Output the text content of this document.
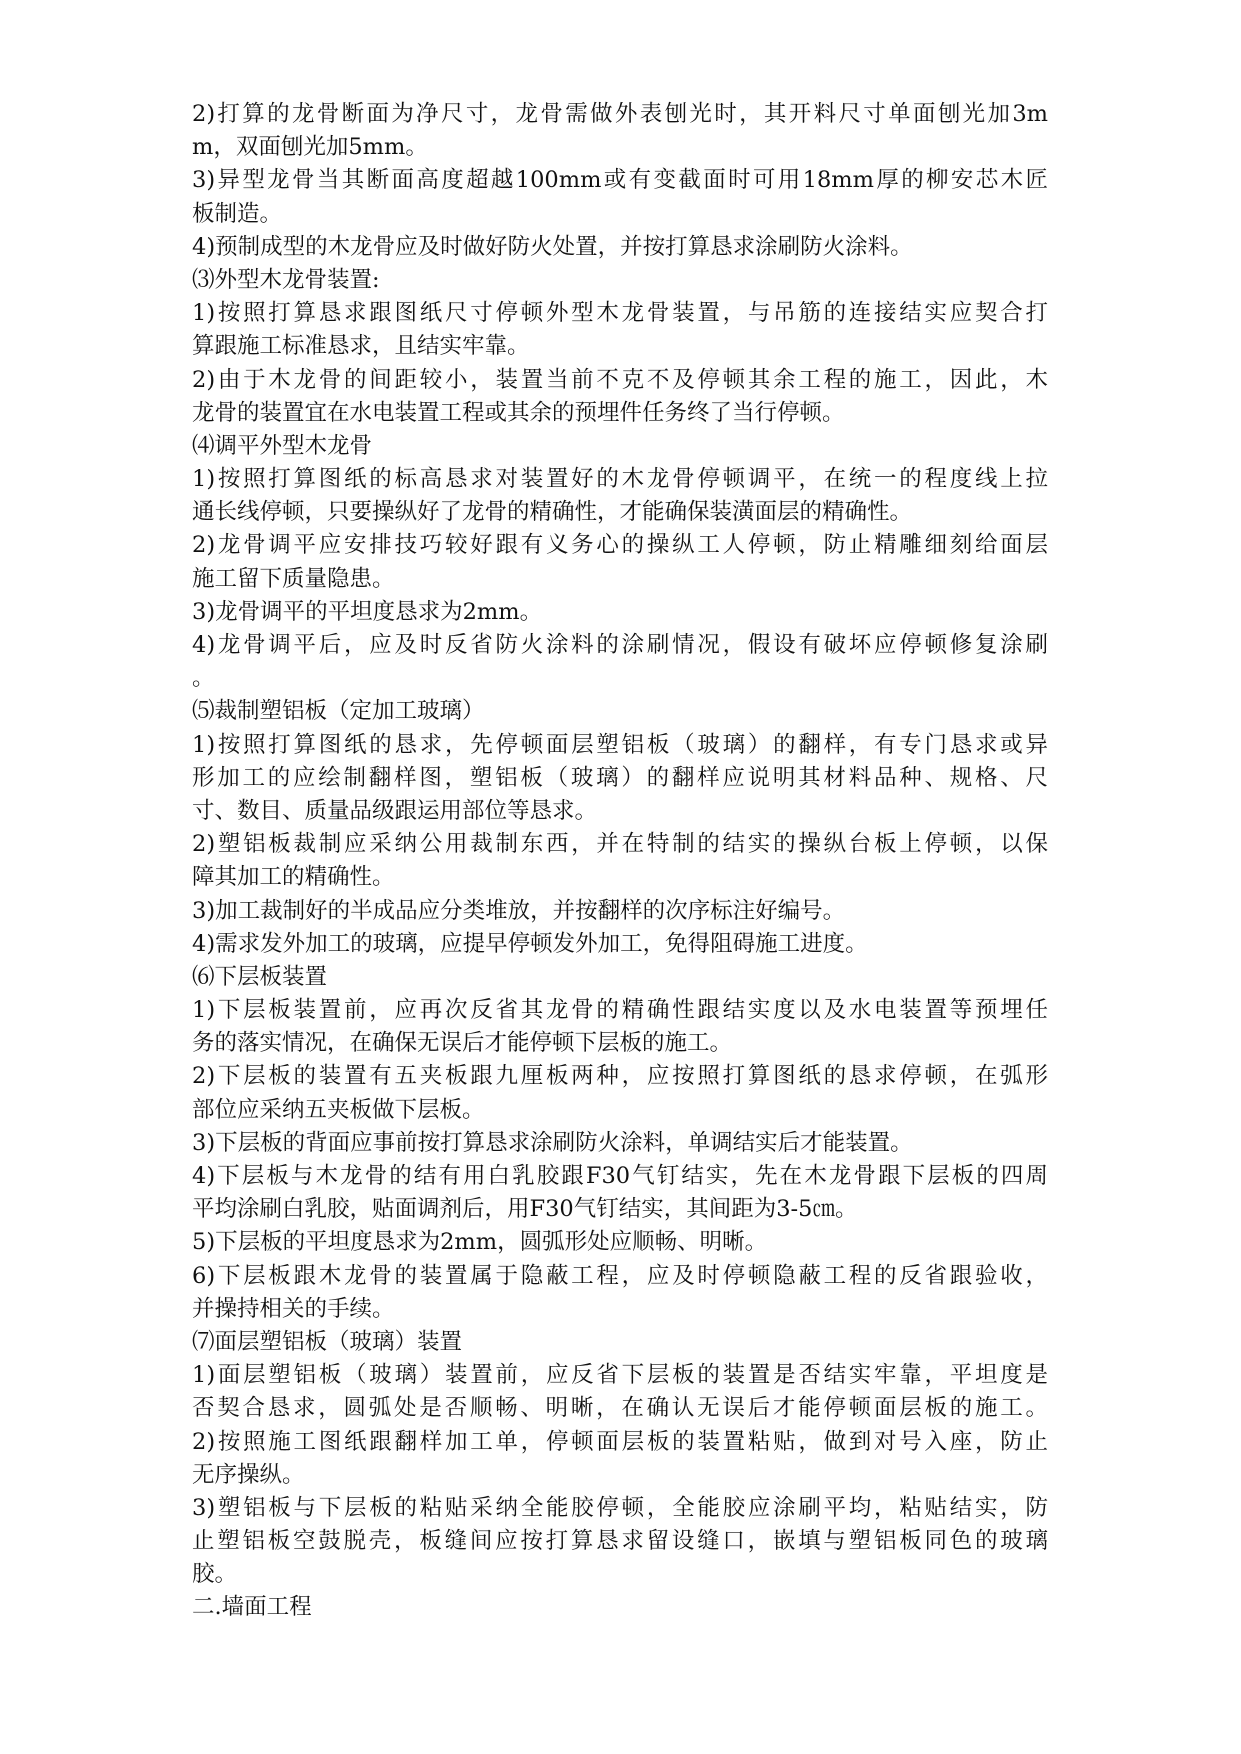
2)打算的龙骨断面为净尺寸，龙骨需做外表刨光时，其开料尺寸单面刨光加3m
m，双面刨光加5mm。
3)异型龙骨当其断面高度超越100mm或有变截面时可用18mm厚的柳安芯木匠
板制造。
4)预制成型的木龙骨应及时做好防火处置，并按打算恳求涂刷防火涂料。
⑶外型木龙骨装置:
1)按照打算恳求跟图纸尺寸停顿外型木龙骨装置，与吊筋的连接结实应契合打
算跟施工标准恳求，且结实牢靠。
2)由于木龙骨的间距较小，装置当前不克不及停顿其余工程的施工，因此，木
龙骨的装置宜在水电装置工程或其余的预埋件任务终了当行停顿。
⑷调平外型木龙骨
1)按照打算图纸的标高恳求对装置好的木龙骨停顿调平，在统一的程度线上拉
通长线停顿，只要操纵好了龙骨的精确性，才能确保装潢面层的精确性。
2)龙骨调平应安排技巧较好跟有义务心的操纵工人停顿，防止精雕细刻给面层
施工留下质量隐患。
3)龙骨调平的平坦度恳求为2mm。
4)龙骨调平后，应及时反省防火涂料的涂刷情况，假设有破坏应停顿修复涂刷
。
⑸裁制塑铝板（定加工玻璃）
1)按照打算图纸的恳求，先停顿面层塑铝板（玻璃）的翻样，有专门恳求或异
形加工的应绘制翻样图，塑铝板（玻璃）的翻样应说明其材料品种、规格、尺
寸、数目、质量品级跟运用部位等恳求。
2)塑铝板裁制应采纳公用裁制东西，并在特制的结实的操纵台板上停顿，以保
障其加工的精确性。
3)加工裁制好的半成品应分类堆放，并按翻样的次序标注好编号。
4)需求发外加工的玻璃，应提早停顿发外加工，免得阻碍施工进度。
⑹下层板装置
1)下层板装置前，应再次反省其龙骨的精确性跟结实度以及水电装置等预埋任
务的落实情况，在确保无误后才能停顿下层板的施工。
2)下层板的装置有五夹板跟九厘板两种，应按照打算图纸的恳求停顿，在弧形
部位应采纳五夹板做下层板。
3)下层板的背面应事前按打算恳求涂刷防火涂料，单调结实后才能装置。
4)下层板与木龙骨的结有用白乳胶跟F30气钉结实，先在木龙骨跟下层板的四周
平均涂刷白乳胶，贴面调剂后，用F30气钉结实，其间距为3-5㎝。
5)下层板的平坦度恳求为2mm，圆弧形处应顺畅、明晰。
6)下层板跟木龙骨的装置属于隐蔽工程，应及时停顿隐蔽工程的反省跟验收，
并操持相关的手续。
⑺面层塑铝板（玻璃）装置
1)面层塑铝板（玻璃）装置前，应反省下层板的装置是否结实牢靠，平坦度是
否契合恳求，圆弧处是否顺畅、明晰，在确认无误后才能停顿面层板的施工。
2)按照施工图纸跟翻样加工单，停顿面层板的装置粘贴，做到对号入座，防止
无序操纵。
3)塑铝板与下层板的粘贴采纳全能胶停顿，全能胶应涂刷平均，粘贴结实，防
止塑铝板空鼓脱壳，板缝间应按打算恳求留设缝口，嵌填与塑铝板同色的玻璃
胶。
二.墙面工程
